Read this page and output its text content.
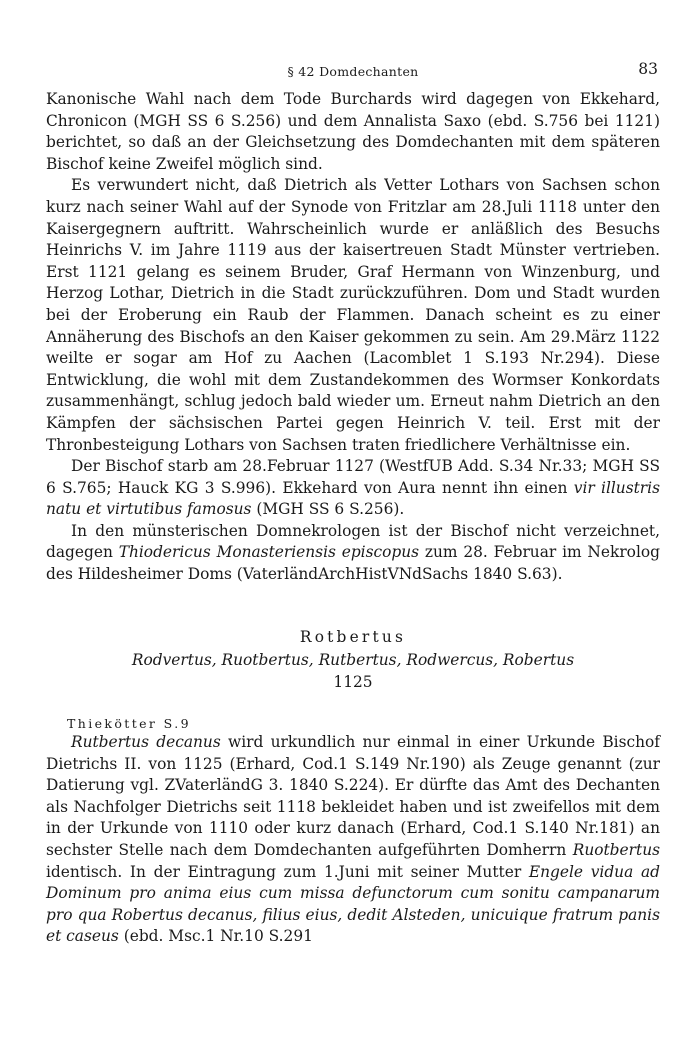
§ 42 Domdechanten	83

Kanonische Wahl nach dem Tode Burchards wird dagegen von Ekkehard, Chronicon (MGH SS 6 S.256) und dem Annalista Saxo (ebd. S.756 bei 1121) berichtet, so daß an der Gleichsetzung des Domdechanten mit dem späteren Bischof keine Zweifel möglich sind.

Es verwundert nicht, daß Dietrich als Vetter Lothars von Sachsen schon kurz nach seiner Wahl auf der Synode von Fritzlar am 28.Juli 1118 unter den Kaisergegnern auftritt. Wahrscheinlich wurde er anläßlich des Besuchs Heinrichs V. im Jahre 1119 aus der kaisertreuen Stadt Münster vertrieben. Erst 1121 gelang es seinem Bruder, Graf Hermann von Winzenburg, und Herzog Lothar, Dietrich in die Stadt zurückzuführen. Dom und Stadt wurden bei der Eroberung ein Raub der Flammen. Danach scheint es zu einer Annäherung des Bischofs an den Kaiser gekommen zu sein. Am 29.März 1122 weilte er sogar am Hof zu Aachen (Lacomblet 1 S.193 Nr.294). Diese Entwicklung, die wohl mit dem Zustandekommen des Wormser Konkordats zusammenhängt, schlug jedoch bald wieder um. Erneut nahm Dietrich an den Kämpfen der sächsischen Partei gegen Heinrich V. teil. Erst mit der Thronbesteigung Lothars von Sachsen traten friedlichere Verhältnisse ein.

Der Bischof starb am 28.Februar 1127 (WestfUB Add. S.34 Nr.33; MGH SS 6 S.765; Hauck KG 3 S.996). Ekkehard von Aura nennt ihn einen vir illustris natu et virtutibus famosus (MGH SS 6 S.256).

In den münsterischen Domnekrologen ist der Bischof nicht verzeichnet, dagegen Thiodericus Monasteriensis episcopus zum 28. Februar im Nekrolog des Hildesheimer Doms (VaterländArchHistVNdSachs 1840 S.63).

Rotbertus
Rodvertus, Ruotbertus, Rutbertus, Rodwercus, Robertus
1125
Thiekötter S.9

Rutbertus decanus wird urkundlich nur einmal in einer Urkunde Bischof Dietrichs II. von 1125 (Erhard, Cod.1 S.149 Nr.190) als Zeuge genannt (zur Datierung vgl. ZVaterländG 3. 1840 S.224). Er dürfte das Amt des Dechanten als Nachfolger Dietrichs seit 1118 bekleidet haben und ist zweifellos mit dem in der Urkunde von 1110 oder kurz danach (Erhard, Cod.1 S.140 Nr.181) an sechster Stelle nach dem Domdechanten aufgeführten Domherrn Ruotbertus identisch. In der Eintragung zum 1.Juni mit seiner Mutter Engele vidua ad Dominum pro anima eius cum missa defunctorum cum sonitu campanarum pro qua Robertus decanus, filius eius, dedit Alsteden, unicuique fratrum panis et caseus (ebd. Msc.1 Nr.10 S.291
